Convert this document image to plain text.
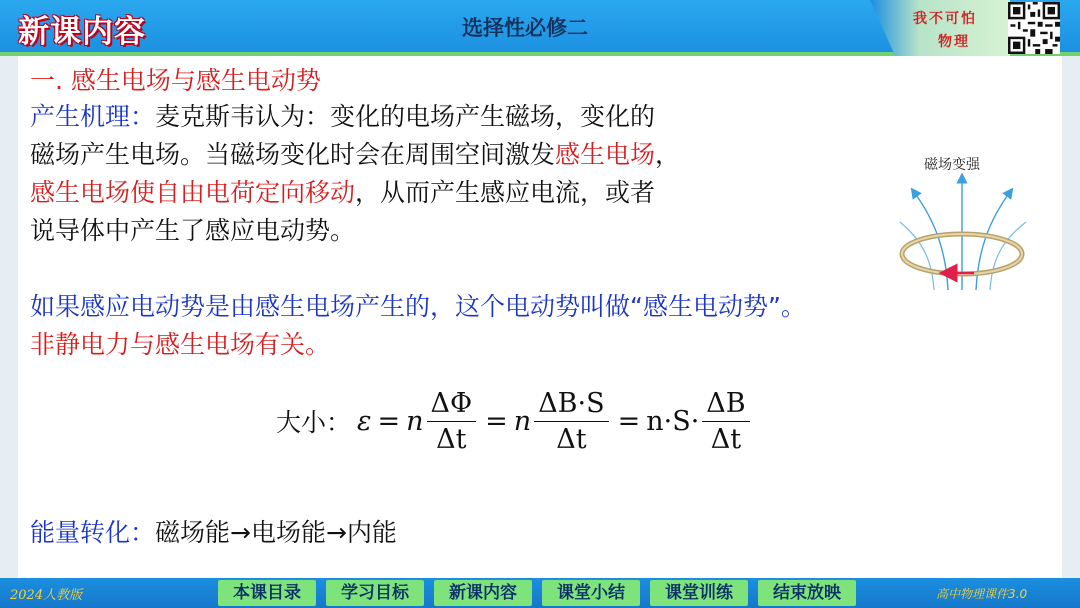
新课内容	选择性必修二	我不可怕
物理
一. 感生电场与感生电动势
产生机理：麦克斯韦认为：变化的电场产生磁场，变化的
磁场产生电场。当磁场变化时会在周围空间激发感生电场，
感生电场使自由电荷定向移动，从而产生感应电流，或者
说导体中产生了感应电动势。
如果感应电动势是由感生电场产生的，这个电动势叫做“感生电动势”。
非静电力与感生电场有关。
大小： ε = n $\frac{\Delta\Phi}{\Delta t} = n \frac{\Delta B\cdot S}{\Delta t} = n\cdot S\cdot \frac{\Delta B}{\Delta t}$
能量转化：磁场能→电场能→内能
磁场变强
2024人教版	高中物理课件3.0
本课目录	学习目标	新课内容	课堂小结	课堂训练	结束放映
